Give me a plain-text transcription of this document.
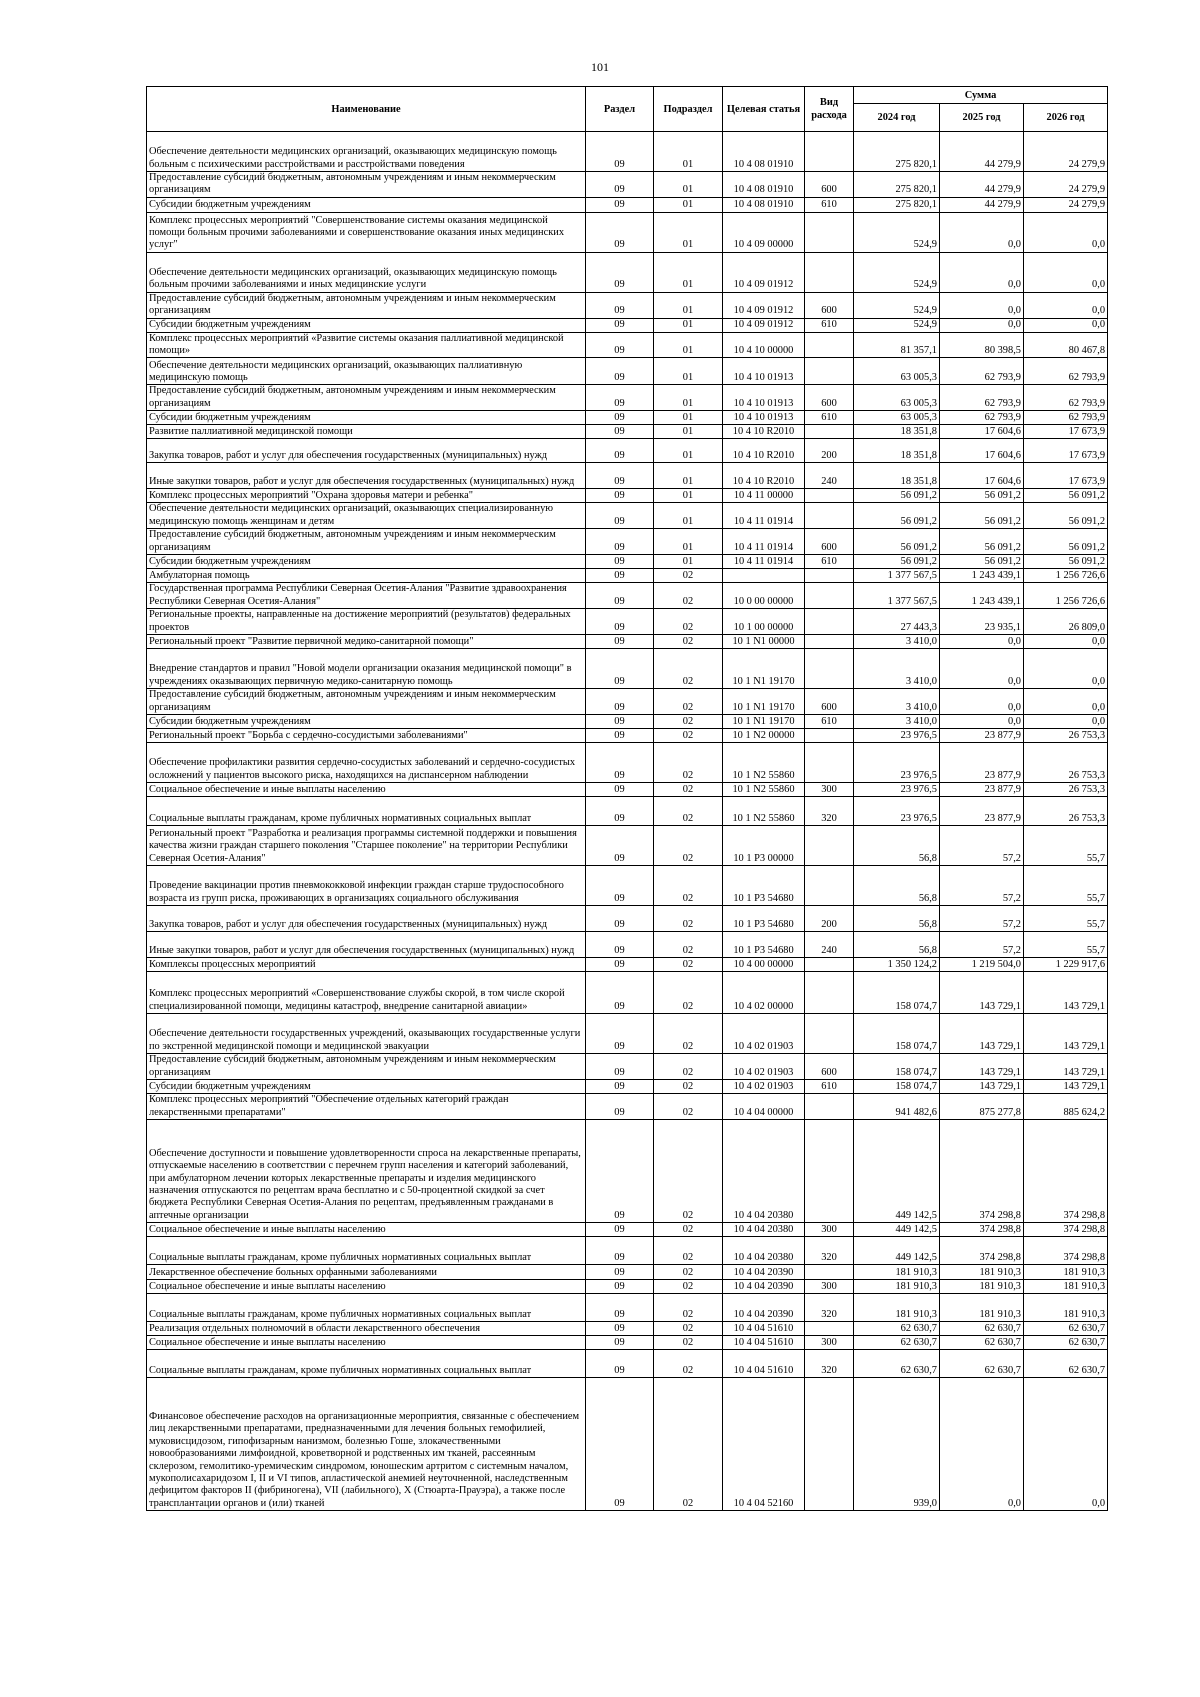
101
Наименование	Раздел	Подраздел	Целевая статья	Вид расхода	Сумма		
					2024 год	2025 год	2026 год
Обеспечение деятельности медицинских организаций, оказывающих медицинскую помощь больным с психическими расстройствами и расстройствами поведения	09	01	10 4 08 01910		275 820,1	44 279,9	24 279,9
Предоставление субсидий бюджетным, автономным учреждениям и иным некоммерческим организациям	09	01	10 4 08 01910	600	275 820,1	44 279,9	24 279,9
Субсидии бюджетным учреждениям	09	01	10 4 08 01910	610	275 820,1	44 279,9	24 279,9
Комплекс процессных мероприятий "Совершенствование системы оказания медицинской помощи больным прочими заболеваниями и совершенствование оказания иных медицинских услуг"	09	01	10 4 09 00000		524,9	0,0	0,0
Обеспечение деятельности медицинских организаций, оказывающих медицинскую помощь больным прочими заболеваниями и иных медицинские услуги	09	01	10 4 09 01912		524,9	0,0	0,0
Предоставление субсидий бюджетным, автономным учреждениям и иным некоммерческим организациям	09	01	10 4 09 01912	600	524,9	0,0	0,0
Субсидии бюджетным учреждениям	09	01	10 4 09 01912	610	524,9	0,0	0,0
Комплекс процессных мероприятий «Развитие системы оказания паллиативной медицинской помощи»	09	01	10 4 10 00000		81 357,1	80 398,5	80 467,8
Обеспечение деятельности медицинских организаций, оказывающих паллиативную медицинскую помощь	09	01	10 4 10 01913		63 005,3	62 793,9	62 793,9
Предоставление субсидий бюджетным, автономным учреждениям и иным некоммерческим организациям	09	01	10 4 10 01913	600	63 005,3	62 793,9	62 793,9
Субсидии бюджетным учреждениям	09	01	10 4 10 01913	610	63 005,3	62 793,9	62 793,9
Развитие паллиативной медицинской помощи	09	01	10 4 10 R2010		18 351,8	17 604,6	17 673,9
Закупка товаров, работ и услуг для обеспечения государственных (муниципальных) нужд	09	01	10 4 10 R2010	200	18 351,8	17 604,6	17 673,9
Иные закупки товаров, работ и услуг для обеспечения государственных (муниципальных) нужд	09	01	10 4 10 R2010	240	18 351,8	17 604,6	17 673,9
Комплекс процессных мероприятий "Охрана здоровья матери и ребенка"	09	01	10 4 11 00000		56 091,2	56 091,2	56 091,2
Обеспечение деятельности медицинских организаций, оказывающих специализированную медицинскую помощь женщинам и детям	09	01	10 4 11 01914		56 091,2	56 091,2	56 091,2
Предоставление субсидий бюджетным, автономным учреждениям и иным некоммерческим организациям	09	01	10 4 11 01914	600	56 091,2	56 091,2	56 091,2
Субсидии бюджетным учреждениям	09	01	10 4 11 01914	610	56 091,2	56 091,2	56 091,2
Амбулаторная помощь	09	02			1 377 567,5	1 243 439,1	1 256 726,6
Государственная программа Республики Северная Осетия-Алания "Развитие здравоохранения Республики Северная Осетия-Алания"	09	02	10 0 00 00000		1 377 567,5	1 243 439,1	1 256 726,6
Региональные проекты, направленные на достижение мероприятий (результатов) федеральных проектов	09	02	10 1 00 00000		27 443,3	23 935,1	26 809,0
Региональный проект "Развитие первичной медико-санитарной помощи"	09	02	10 1 N1 00000		3 410,0	0,0	0,0
Внедрение стандартов и правил "Новой модели организации оказания медицинской помощи" в учреждениях оказывающих первичную медико-санитарную помощь	09	02	10 1 N1 19170		3 410,0	0,0	0,0
Предоставление субсидий бюджетным, автономным учреждениям и иным некоммерческим организациям	09	02	10 1 N1 19170	600	3 410,0	0,0	0,0
Субсидии бюджетным учреждениям	09	02	10 1 N1 19170	610	3 410,0	0,0	0,0
Региональный проект "Борьба с сердечно-сосудистыми заболеваниями"	09	02	10 1 N2 00000		23 976,5	23 877,9	26 753,3
Обеспечение профилактики развития сердечно-сосудистых заболеваний и сердечно-сосудистых осложнений у пациентов высокого риска, находящихся на диспансерном наблюдении	09	02	10 1 N2 55860		23 976,5	23 877,9	26 753,3
Социальное обеспечение и иные выплаты населению	09	02	10 1 N2 55860	300	23 976,5	23 877,9	26 753,3
Социальные выплаты гражданам, кроме публичных нормативных социальных выплат	09	02	10 1 N2 55860	320	23 976,5	23 877,9	26 753,3
Региональный проект "Разработка и реализация программы системной поддержки и повышения качества жизни граждан старшего поколения "Старшее поколение" на территории Республики Северная Осетия-Алания"	09	02	10 1 P3 00000		56,8	57,2	55,7
Проведение вакцинации против пневмококковой инфекции граждан старше трудоспособного возраста из групп риска, проживающих в организациях социального обслуживания	09	02	10 1 P3 54680		56,8	57,2	55,7
Закупка товаров, работ и услуг для обеспечения государственных (муниципальных) нужд	09	02	10 1 P3 54680	200	56,8	57,2	55,7
Иные закупки товаров, работ и услуг для обеспечения государственных (муниципальных) нужд	09	02	10 1 P3 54680	240	56,8	57,2	55,7
Комплексы процессных мероприятий	09	02	10 4 00 00000		1 350 124,2	1 219 504,0	1 229 917,6
Комплекс процессных мероприятий «Совершенствование службы скорой, в том числе скорой специализированной помощи, медицины катастроф, внедрение санитарной авиации»	09	02	10 4 02 00000		158 074,7	143 729,1	143 729,1
Обеспечение деятельности государственных учреждений, оказывающих государственные услуги по экстренной медицинской помощи и медицинской эвакуации	09	02	10 4 02 01903		158 074,7	143 729,1	143 729,1
Предоставление субсидий бюджетным, автономным учреждениям и иным некоммерческим организациям	09	02	10 4 02 01903	600	158 074,7	143 729,1	143 729,1
Субсидии бюджетным учреждениям	09	02	10 4 02 01903	610	158 074,7	143 729,1	143 729,1
Комплекс процессных мероприятий "Обеспечение отдельных категорий граждан лекарственными препаратами"	09	02	10 4 04 00000		941 482,6	875 277,8	885 624,2
Обеспечение доступности и повышение удовлетворенности спроса на лекарственные препараты, отпускаемые населению в соответствии с перечнем групп населения и категорий заболеваний, при амбулаторном лечении которых лекарственные препараты и изделия медицинского назначения отпускаются по рецептам врача бесплатно и с 50-процентной скидкой за счет бюджета Республики Северная Осетия-Алания по рецептам, предъявленным гражданами в аптечные организации	09	02	10 4 04 20380		449 142,5	374 298,8	374 298,8
Социальное обеспечение и иные выплаты населению	09	02	10 4 04 20380	300	449 142,5	374 298,8	374 298,8
Социальные выплаты гражданам, кроме публичных нормативных социальных выплат	09	02	10 4 04 20380	320	449 142,5	374 298,8	374 298,8
Лекарственное обеспечение больных орфанными заболеваниями	09	02	10 4 04 20390		181 910,3	181 910,3	181 910,3
Социальное обеспечение и иные выплаты населению	09	02	10 4 04 20390	300	181 910,3	181 910,3	181 910,3
Социальные выплаты гражданам, кроме публичных нормативных социальных выплат	09	02	10 4 04 20390	320	181 910,3	181 910,3	181 910,3
Реализация отдельных полномочий в области лекарственного обеспечения	09	02	10 4 04 51610		62 630,7	62 630,7	62 630,7
Социальное обеспечение и иные выплаты населению	09	02	10 4 04 51610	300	62 630,7	62 630,7	62 630,7
Социальные выплаты гражданам, кроме публичных нормативных социальных выплат	09	02	10 4 04 51610	320	62 630,7	62 630,7	62 630,7
Финансовое обеспечение расходов на организационные мероприятия, связанные с обеспечением лиц лекарственными препаратами, предназначенными для лечения больных гемофилией, муковисцидозом, гипофизарным нанизмом, болезнью Гоше, злокачественными новообразованиями лимфоидной, кроветворной и родственных им тканей, рассеянным склерозом, гемолитико-уремическим синдромом, юношеским артритом с системным началом, мукополисахаридозом I, II и VI типов, апластической анемией неуточненной, наследственным дефицитом факторов II (фибриногена), VII (лабильного), X (Стюарта-Прауэра), а также после трансплантации органов и (или) тканей	09	02	10 4 04 52160		939,0	0,0	0,0
